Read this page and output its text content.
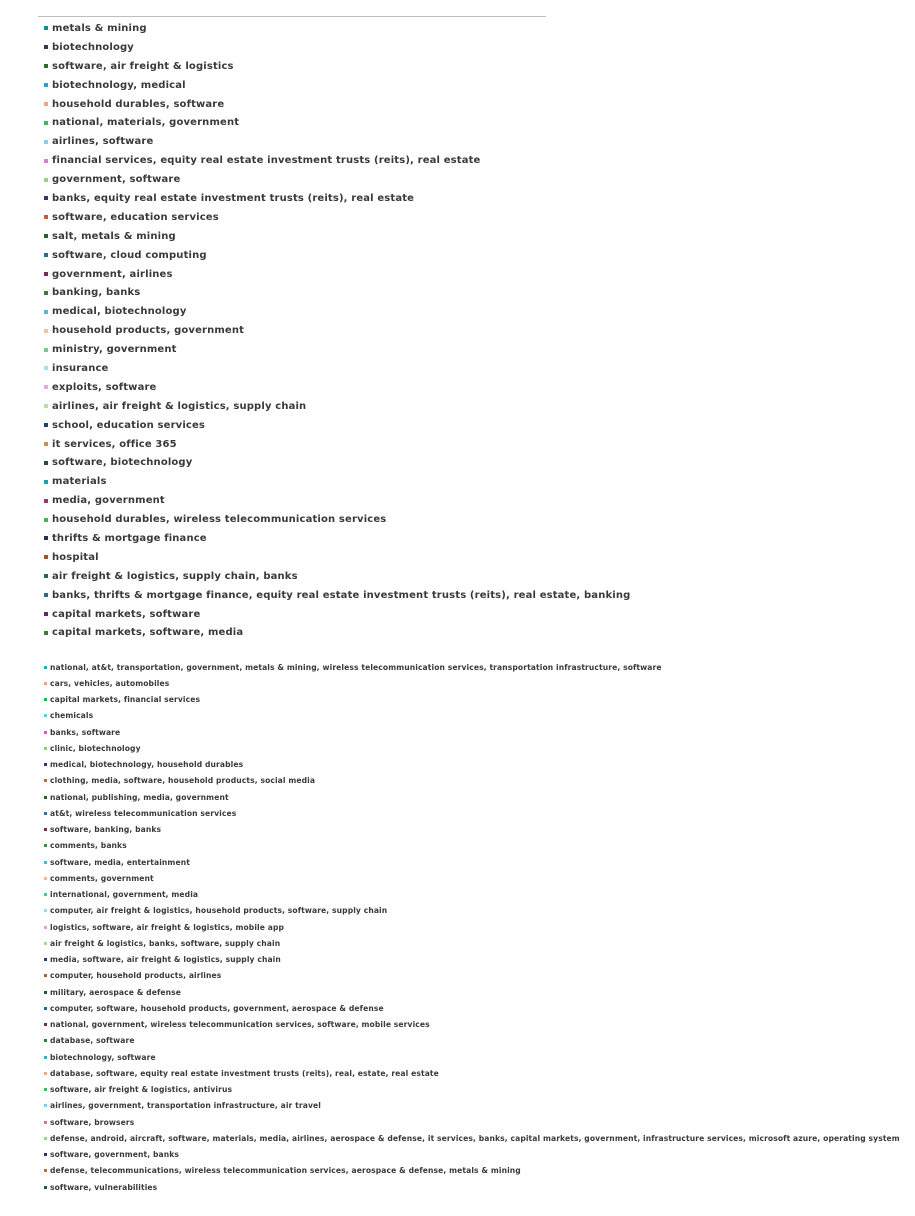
metals & mining
biotechnology
software, air freight & logistics
biotechnology, medical
household durables, software
national, materials, government
airlines, software
financial services, equity real estate investment trusts (reits), real estate
government, software
banks, equity real estate investment trusts (reits), real estate
software, education services
salt, metals & mining
software, cloud computing
government, airlines
banking, banks
medical, biotechnology
household products, government
ministry, government
insurance
exploits, software
airlines, air freight & logistics, supply chain
school, education services
it services, office 365
software, biotechnology
materials
media, government
household durables, wireless telecommunication services
thrifts & mortgage finance
hospital
air freight & logistics, supply chain, banks
banks, thrifts & mortgage finance, equity real estate investment trusts (reits), real estate, banking
capital markets, software
capital markets, software, media
national, at&t, transportation, government, metals & mining, wireless telecommunication services, transportation infrastructure, software
cars, vehicles, automobiles
capital markets, financial services
chemicals
banks, software
clinic, biotechnology
medical, biotechnology, household durables
clothing, media, software, household products, social media
national, publishing, media, government
at&t, wireless telecommunication services
software, banking, banks
comments, banks
software, media, entertainment
comments, government
international, government, media
computer, air freight & logistics, household products, software, supply chain
logistics, software, air freight & logistics, mobile app
air freight & logistics, banks, software, supply chain
media, software, air freight & logistics, supply chain
computer, household products, airlines
military, aerospace & defense
computer, software, household products, government, aerospace & defense
national, government, wireless telecommunication services, software, mobile services
database, software
biotechnology, software
database, software, equity real estate investment trusts (reits), real, estate, real estate
software, air freight & logistics, antivirus
airlines, government, transportation infrastructure, air travel
software, browsers
defense, android, aircraft, software, materials, media, airlines, aerospace & defense, it services, banks, capital markets, government, infrastructure services, microsoft azure, operating system
software, government, banks
defense, telecommunications, wireless telecommunication services, aerospace & defense, metals & mining
software, vulnerabilities
